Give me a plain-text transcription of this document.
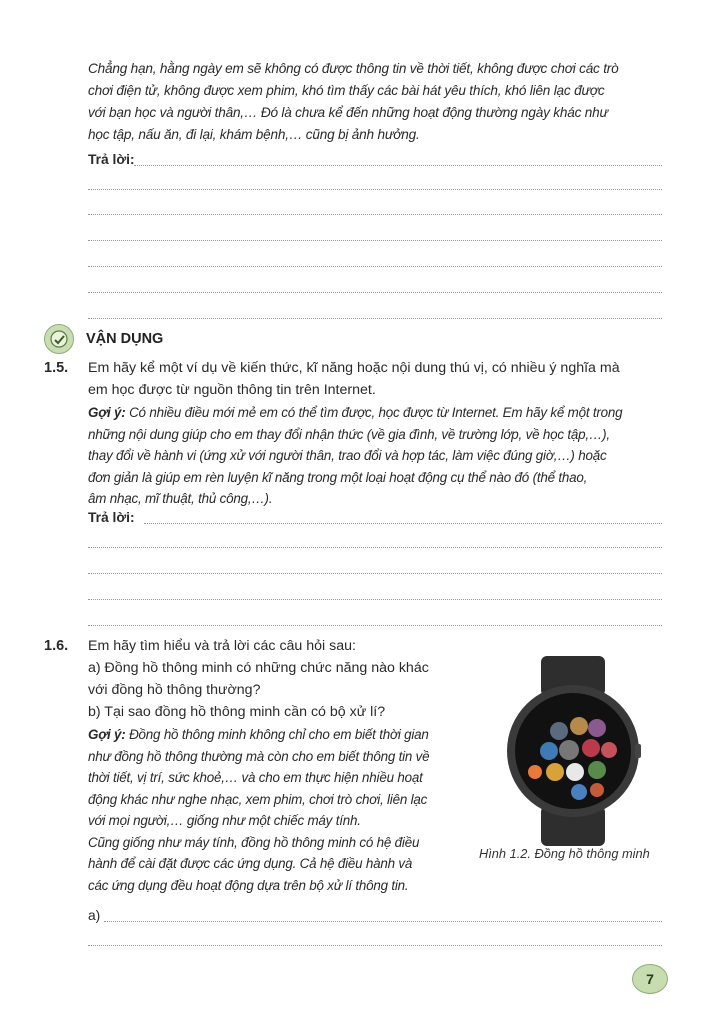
Chẳng hạn, hằng ngày em sẽ không có được thông tin về thời tiết, không được chơi các trò
chơi điện tử, không được xem phim, khó tìm thấy các bài hát yêu thích, khó liên lạc được
với bạn học và người thân,… Đó là chưa kể đến những hoạt động thường ngày khác như
học tập, nấu ăn, đi lại, khám bệnh,… cũng bị ảnh hưởng.
Trả lời:
VẬN DỤNG
1.5. Em hãy kể một ví dụ về kiến thức, kĩ năng hoặc nội dung thú vị, có nhiều ý nghĩa mà
em học được từ nguồn thông tin trên Internet.
Gợi ý: Có nhiều điều mới mẻ em có thể tìm được, học được từ Internet. Em hãy kể một trong
những nội dung giúp cho em thay đổi nhận thức (về gia đình, về trường lớp, về học tập,…),
thay đổi về hành vi (ứng xử với người thân, trao đổi và hợp tác, làm việc đúng giờ,…) hoặc
đơn giản là giúp em rèn luyện kĩ năng trong một loại hoạt động cụ thể nào đó (thể thao,
âm nhạc, mĩ thuật, thủ công,…).
Trả lời:
1.6. Em hãy tìm hiểu và trả lời các câu hỏi sau:
a) Đồng hồ thông minh có những chức năng nào khác
với đồng hồ thông thường?
b) Tại sao đồng hồ thông minh cần có bộ xử lí?
Gợi ý: Đồng hồ thông minh không chỉ cho em biết thời gian
như đồng hồ thông thường mà còn cho em biết thông tin về
thời tiết, vị trí, sức khoẻ,… và cho em thực hiện nhiều hoạt
động khác như nghe nhạc, xem phim, chơi trò chơi, liên lạc
với mọi người,… giống như một chiếc máy tính.
Cũng giống như máy tính, đồng hồ thông minh có hệ điều
hành để cài đặt được các ứng dụng. Cả hệ điều hành và
các ứng dụng đều hoạt động dựa trên bộ xử lí thông tin.
Hình 1.2. Đồng hồ thông minh
a)
7
